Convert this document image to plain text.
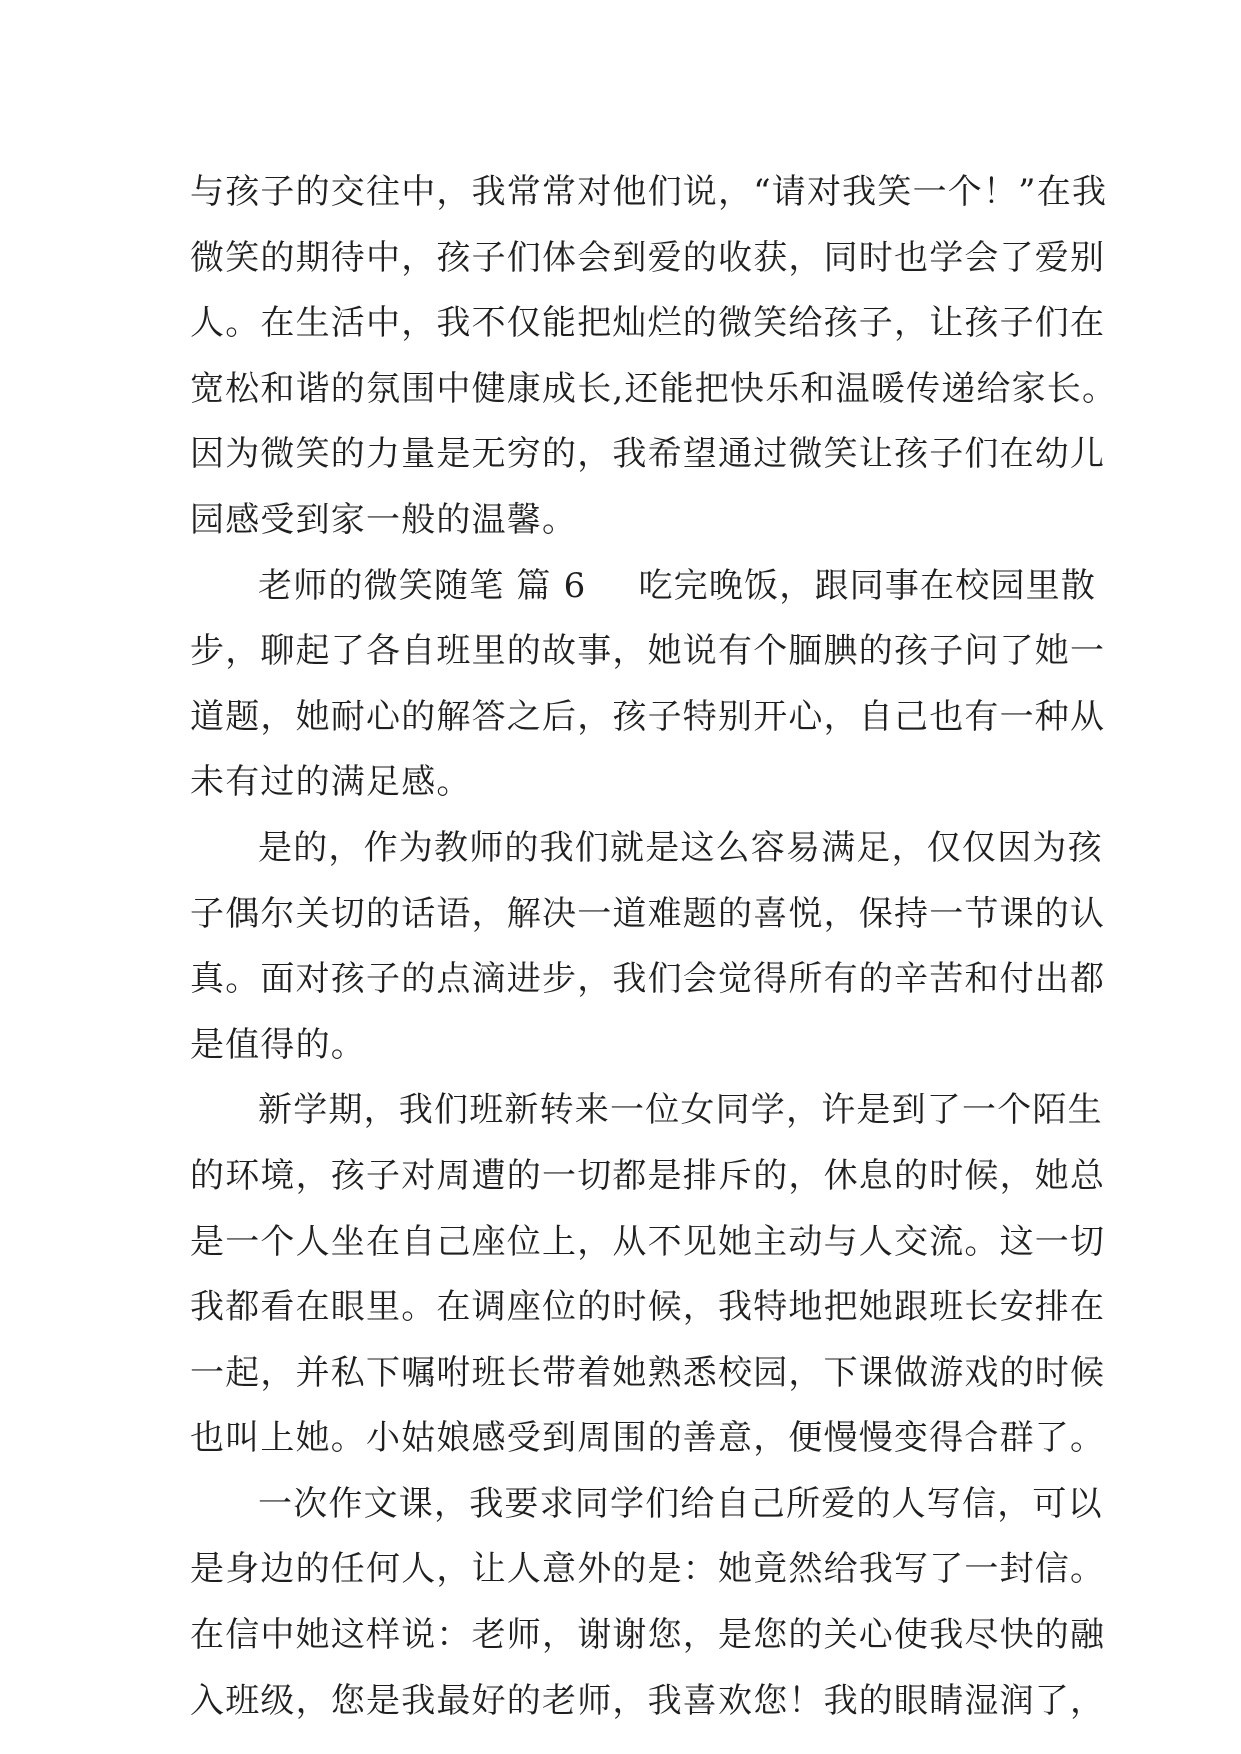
与孩子的交往中，我常常对他们说，“请对我笑一个！”在我
微笑的期待中，孩子们体会到爱的收获，同时也学会了爱别
人。在生活中，我不仅能把灿烂的微笑给孩子，让孩子们在
宽松和谐的氛围中健康成长,还能把快乐和温暖传递给家长。
因为微笑的力量是无穷的，我希望通过微笑让孩子们在幼儿
园感受到家一般的温馨。
老师的微笑随笔 篇 6 吃完晚饭，跟同事在校园里散
步，聊起了各自班里的故事，她说有个腼腆的孩子问了她一
道题，她耐心的解答之后，孩子特别开心，自己也有一种从
未有过的满足感。
是的，作为教师的我们就是这么容易满足，仅仅因为孩
子偶尔关切的话语，解决一道难题的喜悦，保持一节课的认
真。面对孩子的点滴进步，我们会觉得所有的辛苦和付出都
是值得的。
新学期，我们班新转来一位女同学，许是到了一个陌生
的环境，孩子对周遭的一切都是排斥的，休息的时候，她总
是一个人坐在自己座位上，从不见她主动与人交流。这一切
我都看在眼里。在调座位的时候，我特地把她跟班长安排在
一起，并私下嘱咐班长带着她熟悉校园，下课做游戏的时候
也叫上她。小姑娘感受到周围的善意，便慢慢变得合群了。
一次作文课，我要求同学们给自己所爱的人写信，可以
是身边的任何人，让人意外的是：她竟然给我写了一封信。
在信中她这样说：老师，谢谢您，是您的关心使我尽快的融
入班级，您是我最好的老师，我喜欢您！我的眼睛湿润了，
